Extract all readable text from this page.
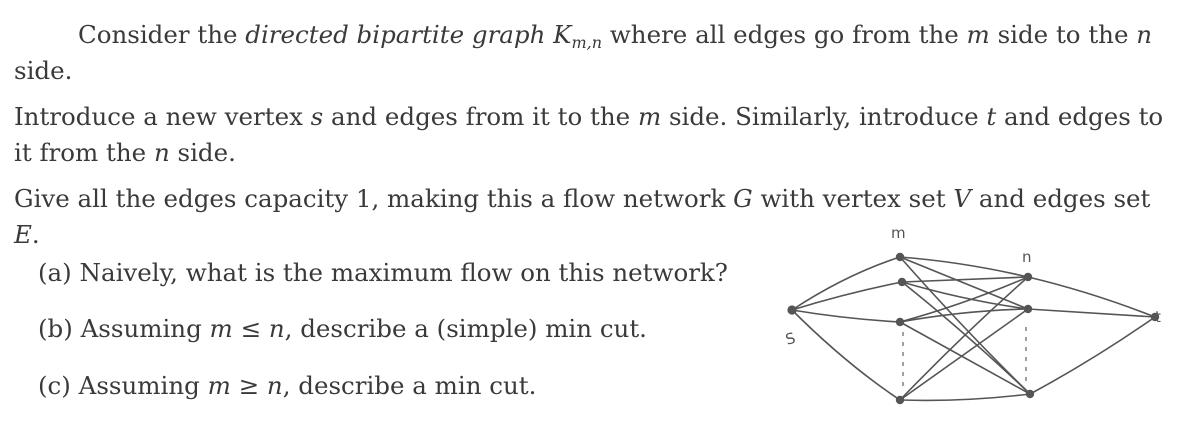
Consider the directed bipartite graph $K_{m,n}$ where all edges go from the m side to the n side.

Introduce a new vertex s and edges from it to the m side. Similarly, introduce t and edges to it from the n side.

Give all the edges capacity 1, making this a flow network G with vertex set V and edges set E.

(a) Naively, what is the maximum flow on this network?

(b) Assuming m ≤ n, describe a (simple) min cut.

(c) Assuming m ≥ n, describe a min cut.

m
n
S
t
